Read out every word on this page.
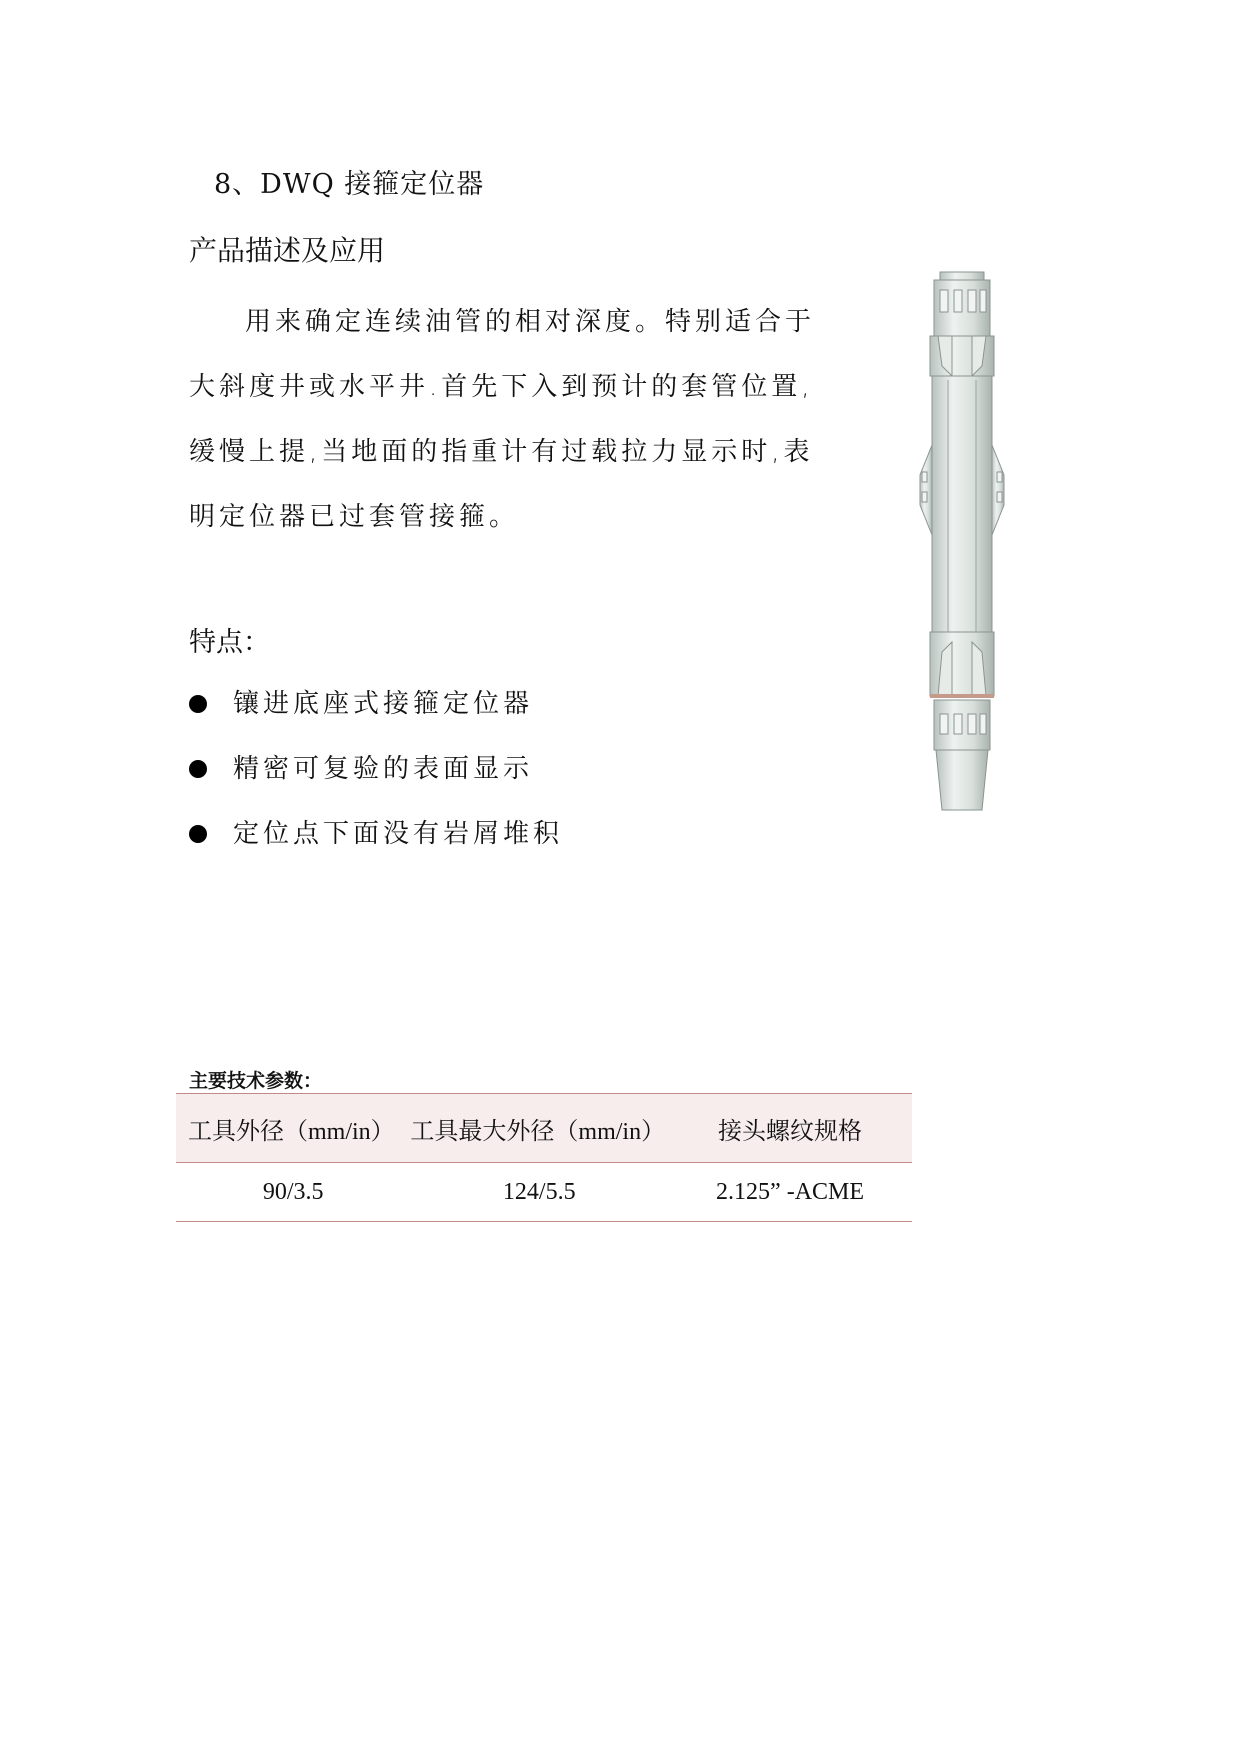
8、DWQ 接箍定位器
产品描述及应用

用来确定连续油管的相对深度。特别适合于大斜度井或水平井.首先下入到预计的套管位置,缓慢上提,当地面的指重计有过载拉力显示时,表明定位器已过套管接箍。

特点：
镶进底座式接箍定位器
精密可复验的表面显示
定位点下面没有岩屑堆积
主要技术参数：
工具外径（mm/in）	工具最大外径（mm/in）	接头螺纹规格
90/3.5	124/5.5	2.125” -ACME
